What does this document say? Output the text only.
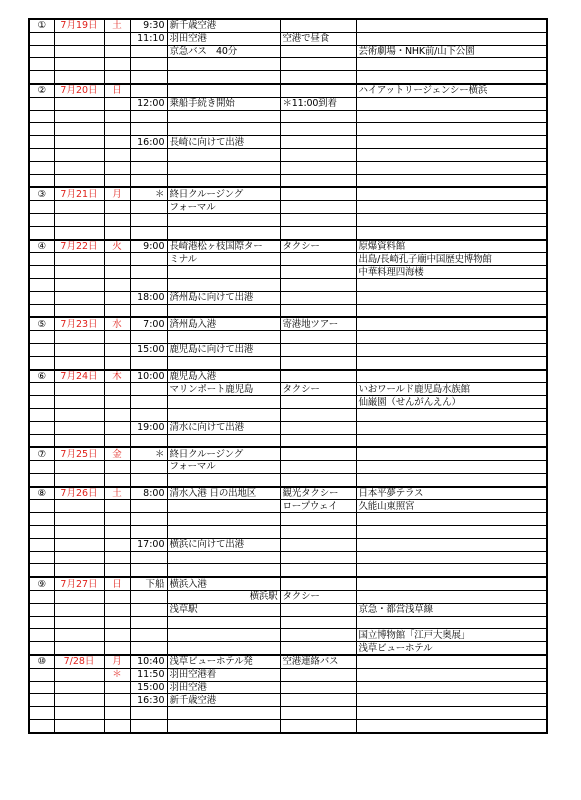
①	7月19日	土	9:30	新千歳空港		
			11:10	羽田空港	空港で昼食	
				京急バス　40分		芸術劇場・NHK前/山下公園

②	7月20日	日				ハイアットリージェンシー横浜
			12:00	乗船手続き開始	＊11:00到着	

			16:00	長崎に向けて出港		

③	7月21日	月	＊	終日クルージング		
				フォーマル		

④	7月22日	火	9:00	長崎港松ヶ枝国際ター	タクシー	原爆資料館
				ミナル		出島/長崎孔子廟中国歴史博物館
						中華料理四海楼

			18:00	済州島に向けて出港		

⑤	7月23日	水	7:00	済州島入港	寄港地ツアー	

			15:00	鹿児島に向けて出港		

⑥	7月24日	木	10:00	鹿児島入港		
				マリンポート鹿児島	タクシー	いおワールド鹿児島水族館
						仙巌園（せんがんえん）

			19:00	清水に向けて出港		

⑦	7月25日	金	＊	終日クルージング		
				フォーマル		

⑧	7月26日	土	8:00	清水入港 日の出地区	観光タクシー	日本平夢テラス
					ロープウェイ	久能山東照宮

			17:00	横浜に向けて出港		

⑨	7月27日	日	下船	横浜入港		
				横浜駅	タクシー	
				浅草駅		京急・都営浅草線

						国立博物館「江戸大奥展」
						浅草ビューホテル
⑩	7/28日	月	10:40	浅草ビューホテル発	空港連絡バス	
		＊	11:50	羽田空港着		
			15:00	羽田空港		
			16:30	新千歳空港		
